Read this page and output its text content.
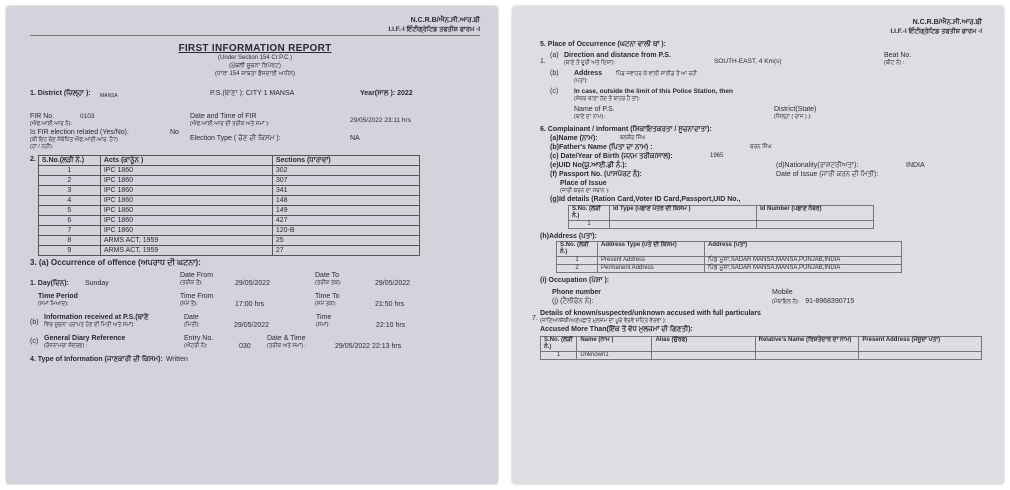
N.C.R.B/ਐਨ.ਸੀ.ਆਰ.ਬੀ
I.I.F.-I ਇੰਟੀਗ੍ਰੇਟਿਡ ਤਫਤੀਸ਼ ਫਾਰਮ -I
FIRST INFORMATION REPORT
(Under Section 154 Cr.P.C.)
(ਮੁੱਢਲੀ ਸੂਚਨਾ ਰਿਪੋਰਟ)
(ਧਾਰਾ 154 ਜ਼ਾਬਤਾ ਫੌਜਦਾਰੀ ਅਧੀਨ)
1. District (ਜ਼ਿਲ੍ਹਾ ):	MANSA	P.S.(ਥਾਣਾ ): CITY 1 MANSA	Year(ਸਾਲ ): 2022
FIR No.
(ਐਫ.ਆਈ.ਆਰ ਨੰ):
0103	Date and Time of FIR
(ਐਫ.ਆਈ.ਆਰ ਦੀ ਤਰੀਕ ਅਤੇ ਸਮਾਂ ):	29/05/2022 23:11 hrs
Is FIR election related (Yes/No).
(ਕੀ ਇਹ ਚੋਣ ਸੰਬੰਧਿਤ ਐਫ.ਆਈ.ਆਰ. ਹੈ?)
(ਹਾਂ / ਨਹੀਂ):
No
Election Type ( ਚੋਣ ਦੀ ਕਿਸਮ ):	NA
2. S.No.(ਲੜੀ ਨੰ.)	Acts (ਕਾਨੂੰਨ )	Sections (ਧਾਰਾਵਾਂ)
1	IPC 1860	302
2	IPC 1860	307
3	IPC 1860	341
4	IPC 1860	148
5	IPC 1860	149
6	IPC 1860	427
7	IPC 1860	120-B
8	ARMS ACT, 1959	25
9	ARMS ACT, 1959	27
3. (a) Occurrence of offence (ਅਪਰਾਧ ਦੀ ਘਟਨਾ):
1. Day(ਦਿਨ):	Sunday
Date From
(ਤਰੀਕ ਤੋਂ):	29/05/2022
Date To
(ਤਰੀਕ ਤਕ):	29/05/2022
Time Period
(ਸਮਾਂ ਮਿਆਦ):
Time From
(ਸਮੇਂ ਤੋਂ):	17:00 hrs
Time To
(ਸਮੇਂ ਤਕ):	21:50 hrs
(b)
Information received at P.S.(ਥਾਣੇ
ਵਿਚ ਸੂਚਨਾ ਪ੍ਰਾਪਤ ਹੋਣ ਦੀ ਮਿਤੀ ਅਤੇ ਸਮਾਂ):
Date
(ਮਿਤੀ):	29/05/2022
Time
(ਸਮਾਂ):	22:10 hrs
(c) General Diary Reference
(ਰੋਜ਼ਨਾਮਚਾ ਸੰਦਰਭ) :
Entry No.
(ਐਂਟਰੀ ਨੰ):	030
Date & Time
(ਤਰੀਕ ਅਤੇ ਸਮਾਂ) :	29/05/2022 22:13 hrs
4. Type of Information (ਜਾਣਕਾਰੀ ਦੀ ਕਿਸਮ): Written
N.C.R.B/ਐਨ.ਸੀ.ਆਰ.ਬੀ
I.I.F.-I ਇੰਟੀਗ੍ਰੇਟਿਡ ਤਫਤੀਸ਼ ਫਾਰਮ -I
5. Place of Occurrence (ਘਟਨਾ ਵਾਲੀ ਥਾਂ ):
1.
(a) Direction and distance from P.S.
(ਥਾਣੇ ਤੋਂ ਦੂਰੀ ਅਤੇ ਦਿਸ਼ਾ):	SOUTH-EAST, 4 Km(s)
Beat No.
(ਬੀਟ ਨੰ) :
(b)	Address	ਪਿੰਡ ਜਵਾਹਰ ਕੇ ਵਾਲੀ ਸਾਈਡ ਤੋਂ ਆ ਰਹੀ
(ਪਤਾ):
(c)	In case, outside the limit of this Police Station, then
(ਜੇਕਰ ਥਾਣਾ ਹੱਦ ਤੋਂ ਬਾਹਰ ਹੈ ਤਾਂ):
Name of P.S.
(ਥਾਣੇ ਦਾ ਨਾਮ):
District(State)
(ਜ਼ਿਲ੍ਹਾ ( ਰਾਜ ) ):
6. Complainant / Informant (ਸ਼ਿਕਾਇਤਕਰਤਾ / ਸੂਚਨਾਦਾਤਾ):
(a)Name (ਨਾਮ):	ਬਲਕੌਰ ਸਿੰਘ
(b)Father's Name (ਪਿਤਾ ਦਾ ਨਾਮ) :	ਚਰਨ ਸਿੰਘ
(c) Date/Year of Birth (ਜਨਮ ਤਰੀਕ/ਸਾਲ):	1965
(e)UID No(ਯੂ.ਆਈ.ਡੀ ਨੰ.):	(d)Nationality(ਰਾਸ਼ਟਰੀਅਤਾ):	INDIA
(f) Passport No. (ਪਾਸਪੋਰਟ ਨੰ):	Date of Issue (ਜਾਰੀ ਕਰਨ ਦੀ ਮਿਤੀ):
Place of Issue
(ਜਾਰੀ ਕਰਨ ਦਾ ਸਥਾਨ ):
(g)Id details (Ration Card,Voter ID Card,Passport,UID No.,
S.No. (ਲੜੀ ਨੰ.)	Id Type (ਪਛਾਣ ਪੱਤਰ ਦੀ ਕਿਸਮ )	Id Number (ਪਛਾਣ ਨੰਬਰ)
1		
(h)Address (ਪਤਾ):
S.No. (ਲੜੀ ਨੰ.)	Address Type (ਪਤੇ ਦੀ ਕਿਸਮ)	Address (ਪਤਾ)
1	Present Address	ਪਿੰਡ ਮੂਸਾ,SADAR MANSA,MANSA,PUNJAB,INDIA
2	Permanent Address	ਪਿੰਡ ਮੂਸਾ,SADAR MANSA,MANSA,PUNJAB,INDIA
(i) Occupation (ਪੇਸ਼ਾ ):
Phone number
(j) (ਟੈਲੀਫੋਨ ਨੰ):
Mobile
(ਮੋਬਾਇਲ ਨੰ): 91-8968390715
7.
Details of known/suspected/unknown accused with full particulars
(ਜਾਣਿਆ/ਸ਼ੱਕੀ/ਅਣਪਛਾਤੇ ਮੁਲਜ਼ਮ ਦਾ ਪੂਰੇ ਵੇਰਵੇ ਸਹਿਤ ਵੇਰਵਾ ):
Accused More Than(ਇੱਕ ਤੋਂ ਵੱਧ ਮੁਲਜ਼ਮਾਂ ਦੀ ਗਿਣਤੀ):
S.No. (ਲੜੀ ਨੰ.)	Name (ਨਾਮ )	Alias (ਉਰਫ)	Relative's Name (ਰਿਸ਼ਤੇਦਾਰ ਦਾ ਨਾਮ)	Present Address (ਮੌਜੂਦਾ ਪਤਾ)
1	Unknown1			
